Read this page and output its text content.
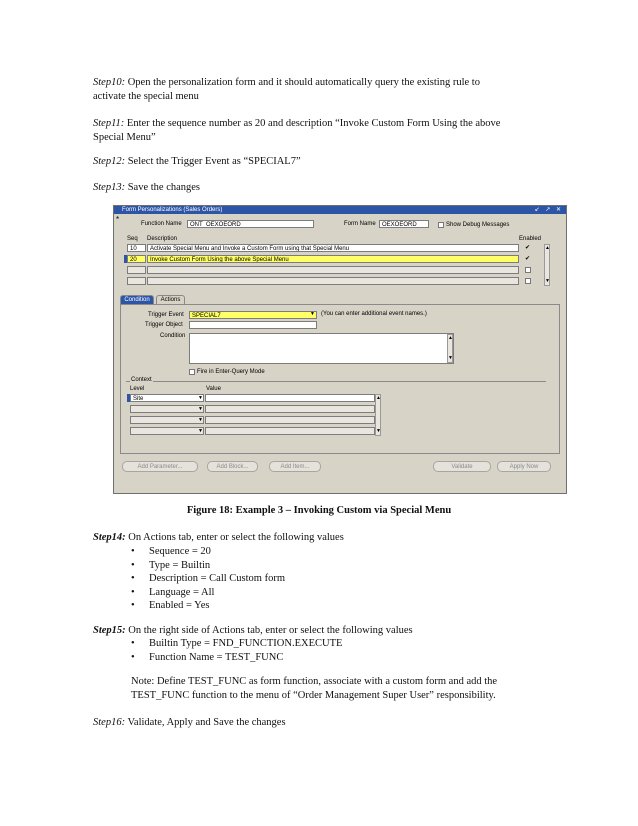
Step10: Open the personalization form and it should automatically query the existing rule to
activate the special menu

Step11: Enter the sequence number as 20 and description “Invoke Custom Form Using the above
Special Menu”

Step12: Select the Trigger Event as “SPECIAL7”

Step13: Save the changes

Form Personalizations (Sales Orders)	↙ ↗ ✕
*	Function Name	ONT_OEXOEORD	Form Name	OEXOEORD	Show Debug Messages
Seq Description	Enabled
10	Activate Special Menu and Invoke a Custom Form using that Special Menu	✔
20	Invoke Custom Form Using the above Special Menu	✔
▲
▼
Condition	Actions
Trigger Event	SPECIAL7	▼ (You can enter additional event names.)
Trigger Object
Condition	▲
▼
Fire in Enter-Query Mode
Context
Level	Value
Site	▼
▼
▼
▼
▲
▼
Add Parameter...	Add Block...	Add Item...	Validate	Apply Now
Figure 18: Example 3 – Invoking Custom via Special Menu

Step14: On Actions tab, enter or select the following values

• Sequence = 20
• Type = Builtin
• Description = Call Custom form
• Language = All
• Enabled = Yes

Step15: On the right side of Actions tab, enter or select the following values

• Builtin Type = FND_FUNCTION.EXECUTE
• Function Name = TEST_FUNC

Note: Define TEST_FUNC as form function, associate with a custom form and add the
TEST_FUNC function to the menu of “Order Management Super User” responsibility.

Step16: Validate, Apply and Save the changes
